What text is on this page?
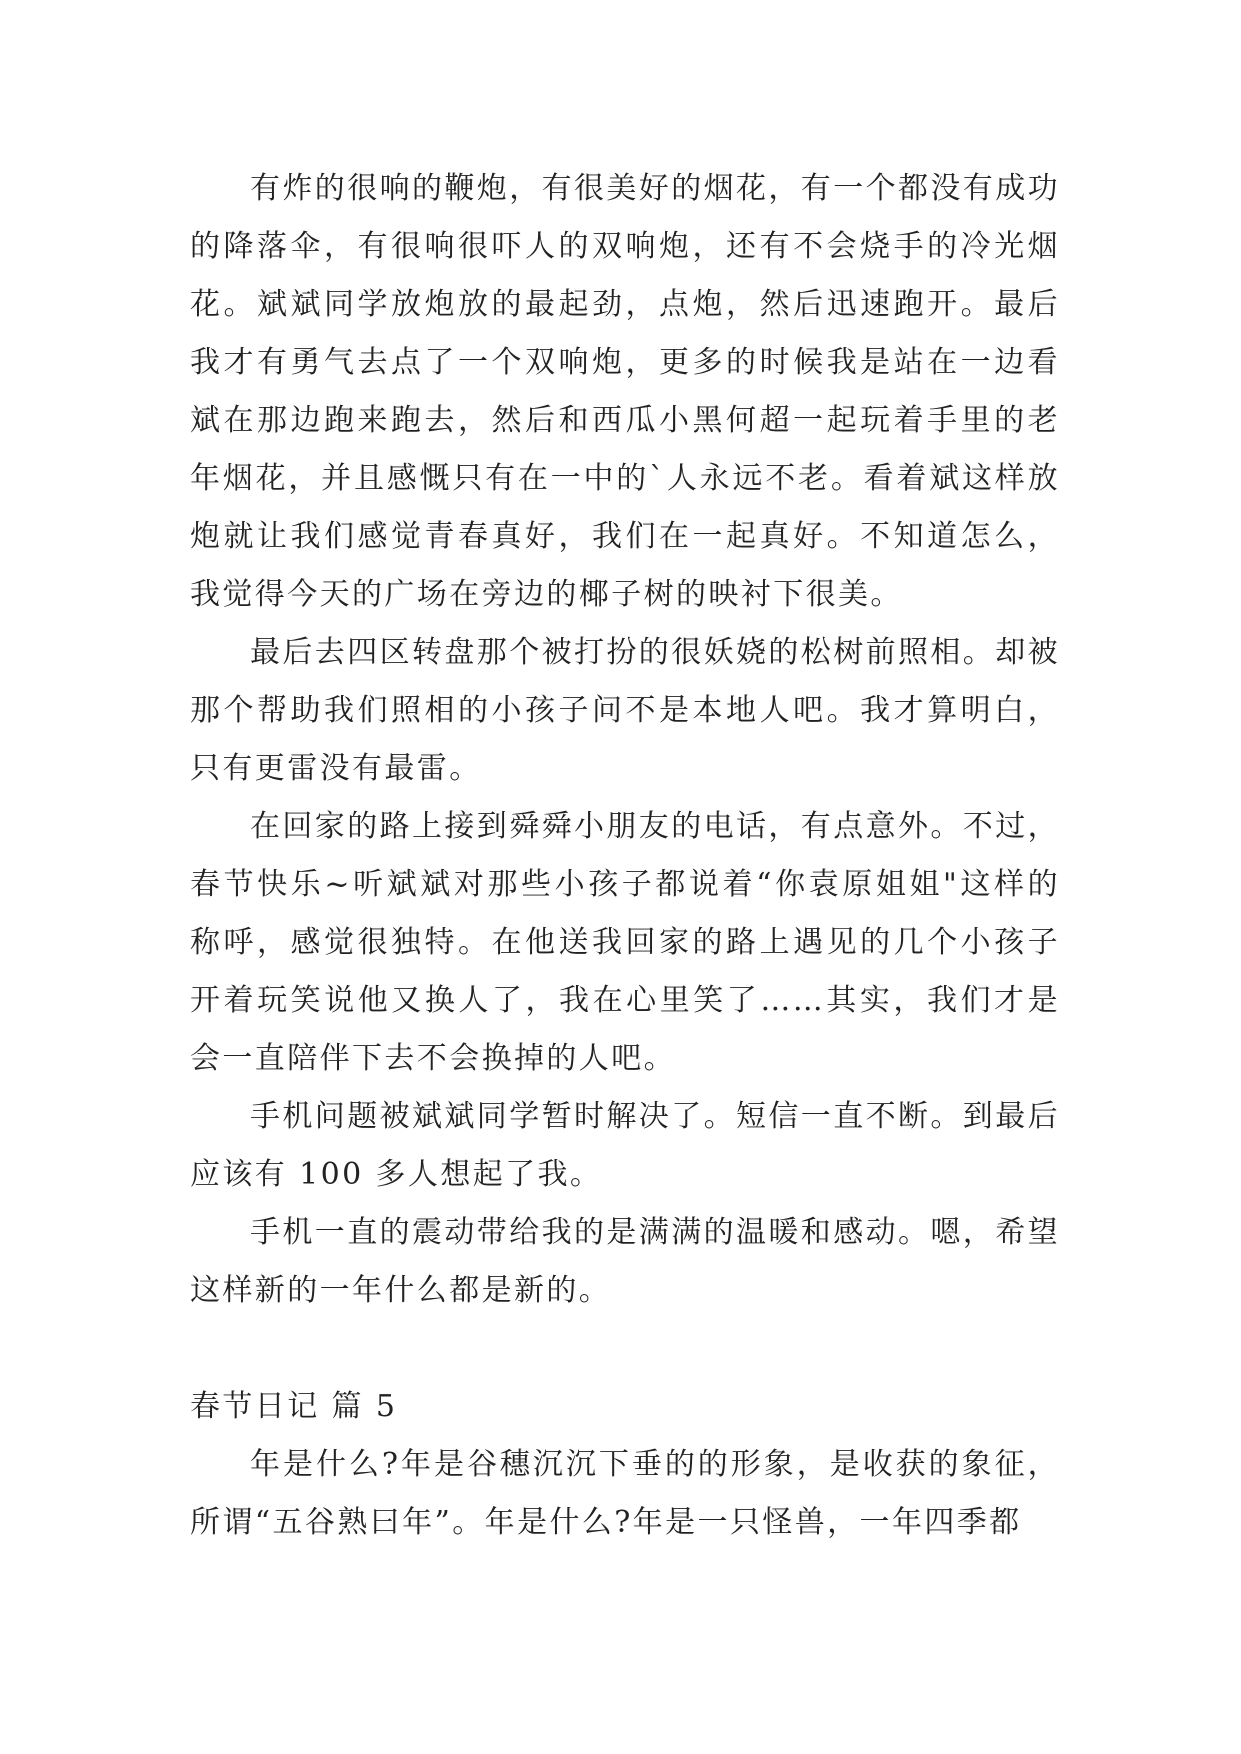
有炸的很响的鞭炮，有很美好的烟花，有一个都没有成功的降落伞，有很响很吓人的双响炮，还有不会烧手的冷光烟花。斌斌同学放炮放的最起劲，点炮，然后迅速跑开。最后我才有勇气去点了一个双响炮，更多的时候我是站在一边看斌在那边跑来跑去，然后和西瓜小黑何超一起玩着手里的老年烟花，并且感慨只有在一中的`人永远不老。看着斌这样放炮就让我们感觉青春真好，我们在一起真好。不知道怎么，我觉得今天的广场在旁边的椰子树的映衬下很美。

最后去四区转盘那个被打扮的很妖娆的松树前照相。却被那个帮助我们照相的小孩子问不是本地人吧。我才算明白，只有更雷没有最雷。

在回家的路上接到舜舜小朋友的电话，有点意外。不过，春节快乐~听斌斌对那些小孩子都说着“你袁原姐姐"这样的称呼，感觉很独特。在他送我回家的路上遇见的几个小孩子开着玩笑说他又换人了，我在心里笑了……其实，我们才是会一直陪伴下去不会换掉的人吧。

手机问题被斌斌同学暂时解决了。短信一直不断。到最后应该有 100 多人想起了我。

手机一直的震动带给我的是满满的温暖和感动。嗯，希望这样新的一年什么都是新的。

春节日记 篇 5

年是什么?年是谷穗沉沉下垂的的形象，是收获的象征，所谓“五谷熟曰年”。年是什么?年是一只怪兽，一年四季都
